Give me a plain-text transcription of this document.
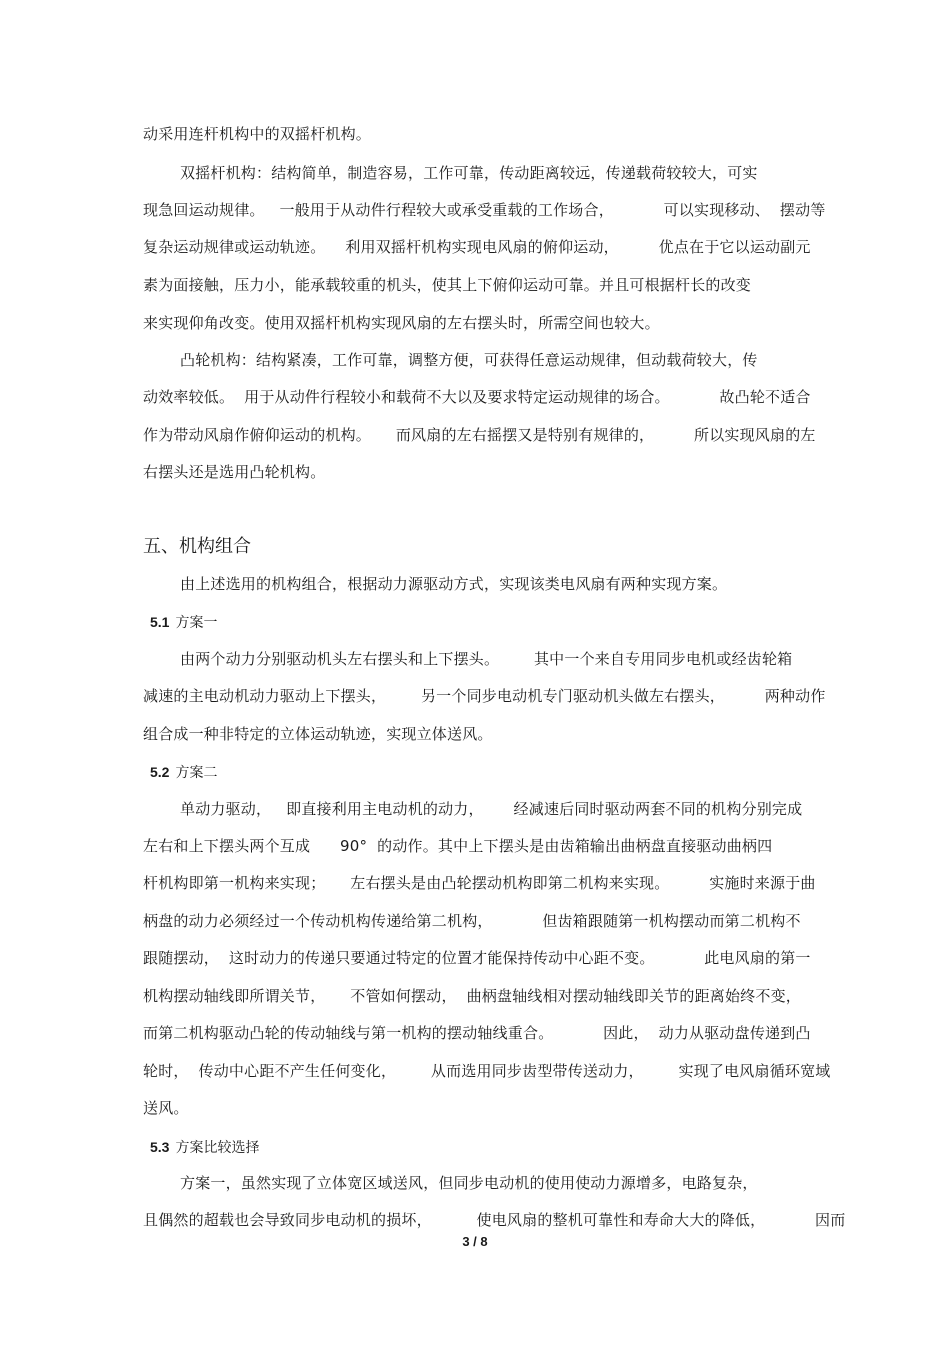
动采用连杆机构中的双摇杆机构。
双摇杆机构：结构简单，制造容易，工作可靠，传动距离较远，传递载荷较较大，可实
现急回运动规律。   一般用于从动件行程较大或承受重载的工作场合，          可以实现移动、  摆动等
复杂运动规律或运动轨迹。    利用双摇杆机构实现电风扇的俯仰运动，        优点在于它以运动副元
素为面接触，压力小，能承载较重的机头，使其上下俯仰运动可靠。并且可根据杆长的改变
来实现仰角改变。使用双摇杆机构实现风扇的左右摆头时，所需空间也较大。
凸轮机构：结构紧凑，工作可靠，调整方便，可获得任意运动规律，但动载荷较大，传
动效率较低。  用于从动件行程较小和载荷不大以及要求特定运动规律的场合。          故凸轮不适合
作为带动风扇作俯仰运动的机构。     而风扇的左右摇摆又是特别有规律的，        所以实现风扇的左
右摆头还是选用凸轮机构。
五、机构组合
由上述选用的机构组合，根据动力源驱动方式，实现该类电风扇有两种实现方案。
5.1 方案一
由两个动力分别驱动机头左右摆头和上下摆头。       其中一个来自专用同步电机或经齿轮箱
减速的主电动机动力驱动上下摆头，       另一个同步电动机专门驱动机头做左右摆头，        两种动作
组合成一种非特定的立体运动轨迹，实现立体送风。
5.2 方案二
单动力驱动，   即直接利用主电动机的动力，      经减速后同时驱动两套不同的机构分别完成
左右和上下摆头两个互成      90°  的动作。其中上下摆头是由齿箱输出曲柄盘直接驱动曲柄四
杆机构即第一机构来实现；     左右摆头是由凸轮摆动机构即第二机构来实现。        实施时来源于曲
柄盘的动力必须经过一个传动机构传递给第二机构，          但齿箱跟随第一机构摆动而第二机构不
跟随摆动，  这时动力的传递只要通过特定的位置才能保持传动中心距不变。          此电风扇的第一
机构摆动轴线即所谓关节，     不管如何摆动，  曲柄盘轴线相对摆动轴线即关节的距离始终不变，
而第二机构驱动凸轮的传动轴线与第一机构的摆动轴线重合。          因此，  动力从驱动盘传递到凸
轮时，  传动中心距不产生任何变化，       从而选用同步齿型带传送动力，       实现了电风扇循环宽域
送风。
5.3 方案比较选择
方案一，虽然实现了立体宽区域送风，但同步电动机的使用使动力源增多，电路复杂，
且偶然的超载也会导致同步电动机的损坏，         使电风扇的整机可靠性和寿命大大的降低，          因而
3 / 8
